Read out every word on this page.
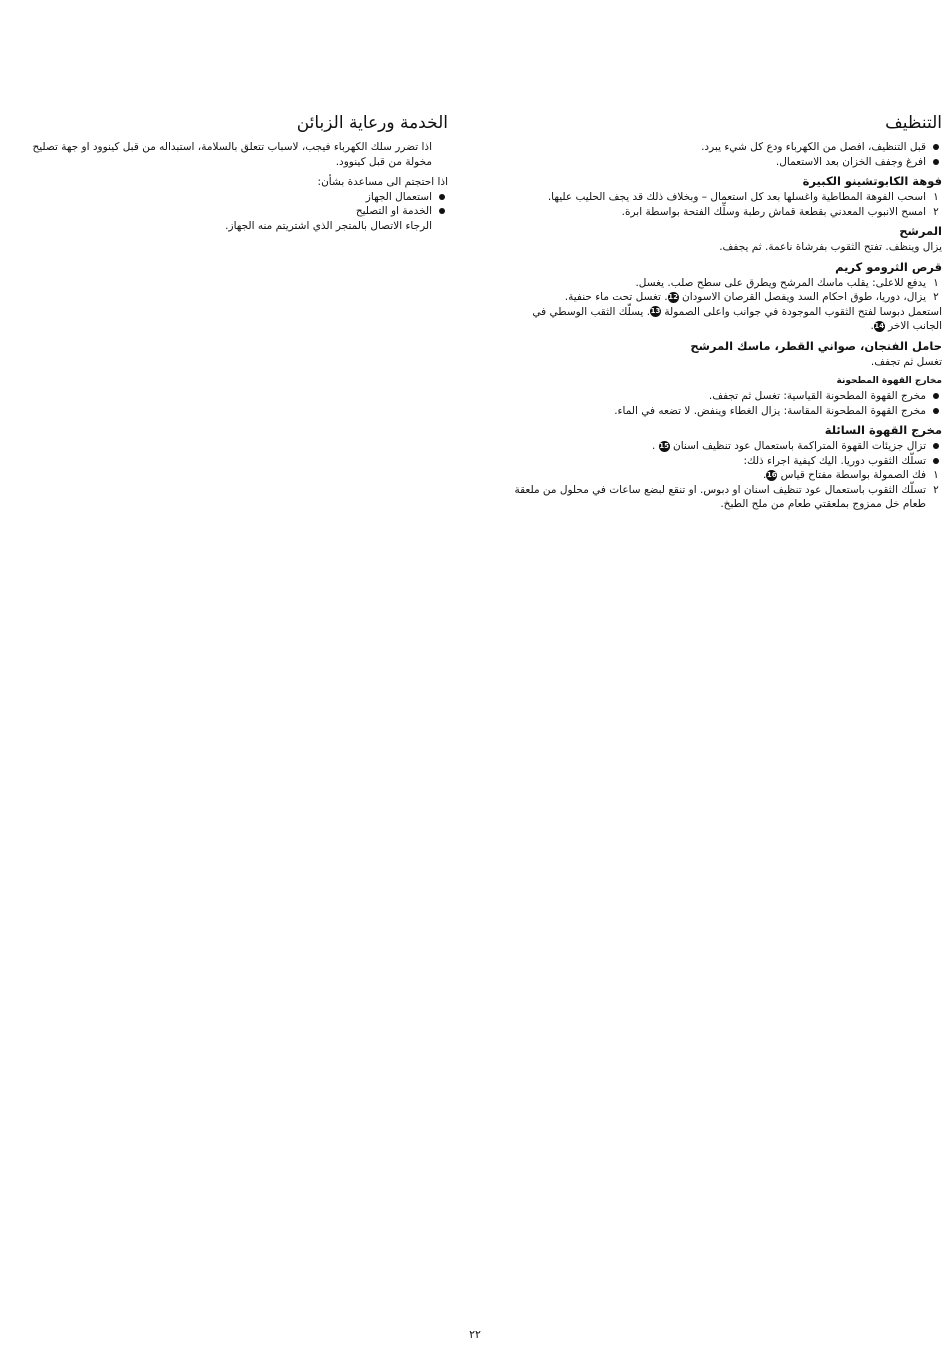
التنظيف
قبل التنظيف، افصل من الكهرباء ودع كل شيء يبرد.
افرغ وجفف الخزان بعد الاستعمال.
فوهة الكابوتشينو الكبيرة
١
اسحب الفوهة المطاطية واغسلها بعد كل استعمال – وبخلاف ذلك قد يجف الحليب عليها.
٢
امسح الانبوب المعدني بقطعة قماش رطبة وسلِّك الفتحة بواسطة ابرة.
المرشح

يزال وينظف. تفتح الثقوب بفرشاة ناعمة. ثم يجفف.

قرص الثرومو كريم
١
يدفع للاعلى: يقلب ماسك المرشح ويطرق على سطح صلب. يغسل.
٢
يزال، دوريا، طوق احكام السد ويفصل القرصان الاسودان 12. تغسل تحت ماء حنفية.

استعمل دبوسا لفتح الثقوب الموجودة في جوانب واعلى الصمولة 13. يسلّك الثقب الوسطي في الجانب الاخر 14.

حامل الفنجان، صواني القطر، ماسك المرشح

تغسل ثم تجفف.

مخارج القهوة المطحونة
مخرج القهوة المطحونة القياسية: تغسل ثم تجفف.
مخرج القهوة المطحونة المقاسة: يزال الغطاء وينفض. لا تضعه في الماء.
مخرج القهوة السائلة
تزال جزيئات القهوة المتراكمة باستعمال عود تنظيف اسنان 15 .
تسلّك الثقوب دوريا. اليك كيفية اجراء ذلك:
١
فك الصمولة بواسطة مفتاح قياس 16.
٢
تسلّك الثقوب باستعمال عود تنظيف اسنان او دبوس. او تنقع لبضع ساعات في محلول من ملعقة طعام خل ممزوج بملعقتي طعام من ملح الطبخ.
الخدمة ورعاية الزبائن

اذا تضرر سلك الكهرباء فيجب، لاسباب تتعلق بالسلامة، استبداله من قبل كينوود او جهة تصليح مخولة من قبل كينوود.

اذا احتجتم الى مساعدة بشأن:

استعمال الجهاز
الخدمة او التصليح

الرجاء الاتصال بالمتجر الذي اشتريتم منه الجهاز.

٢٢
